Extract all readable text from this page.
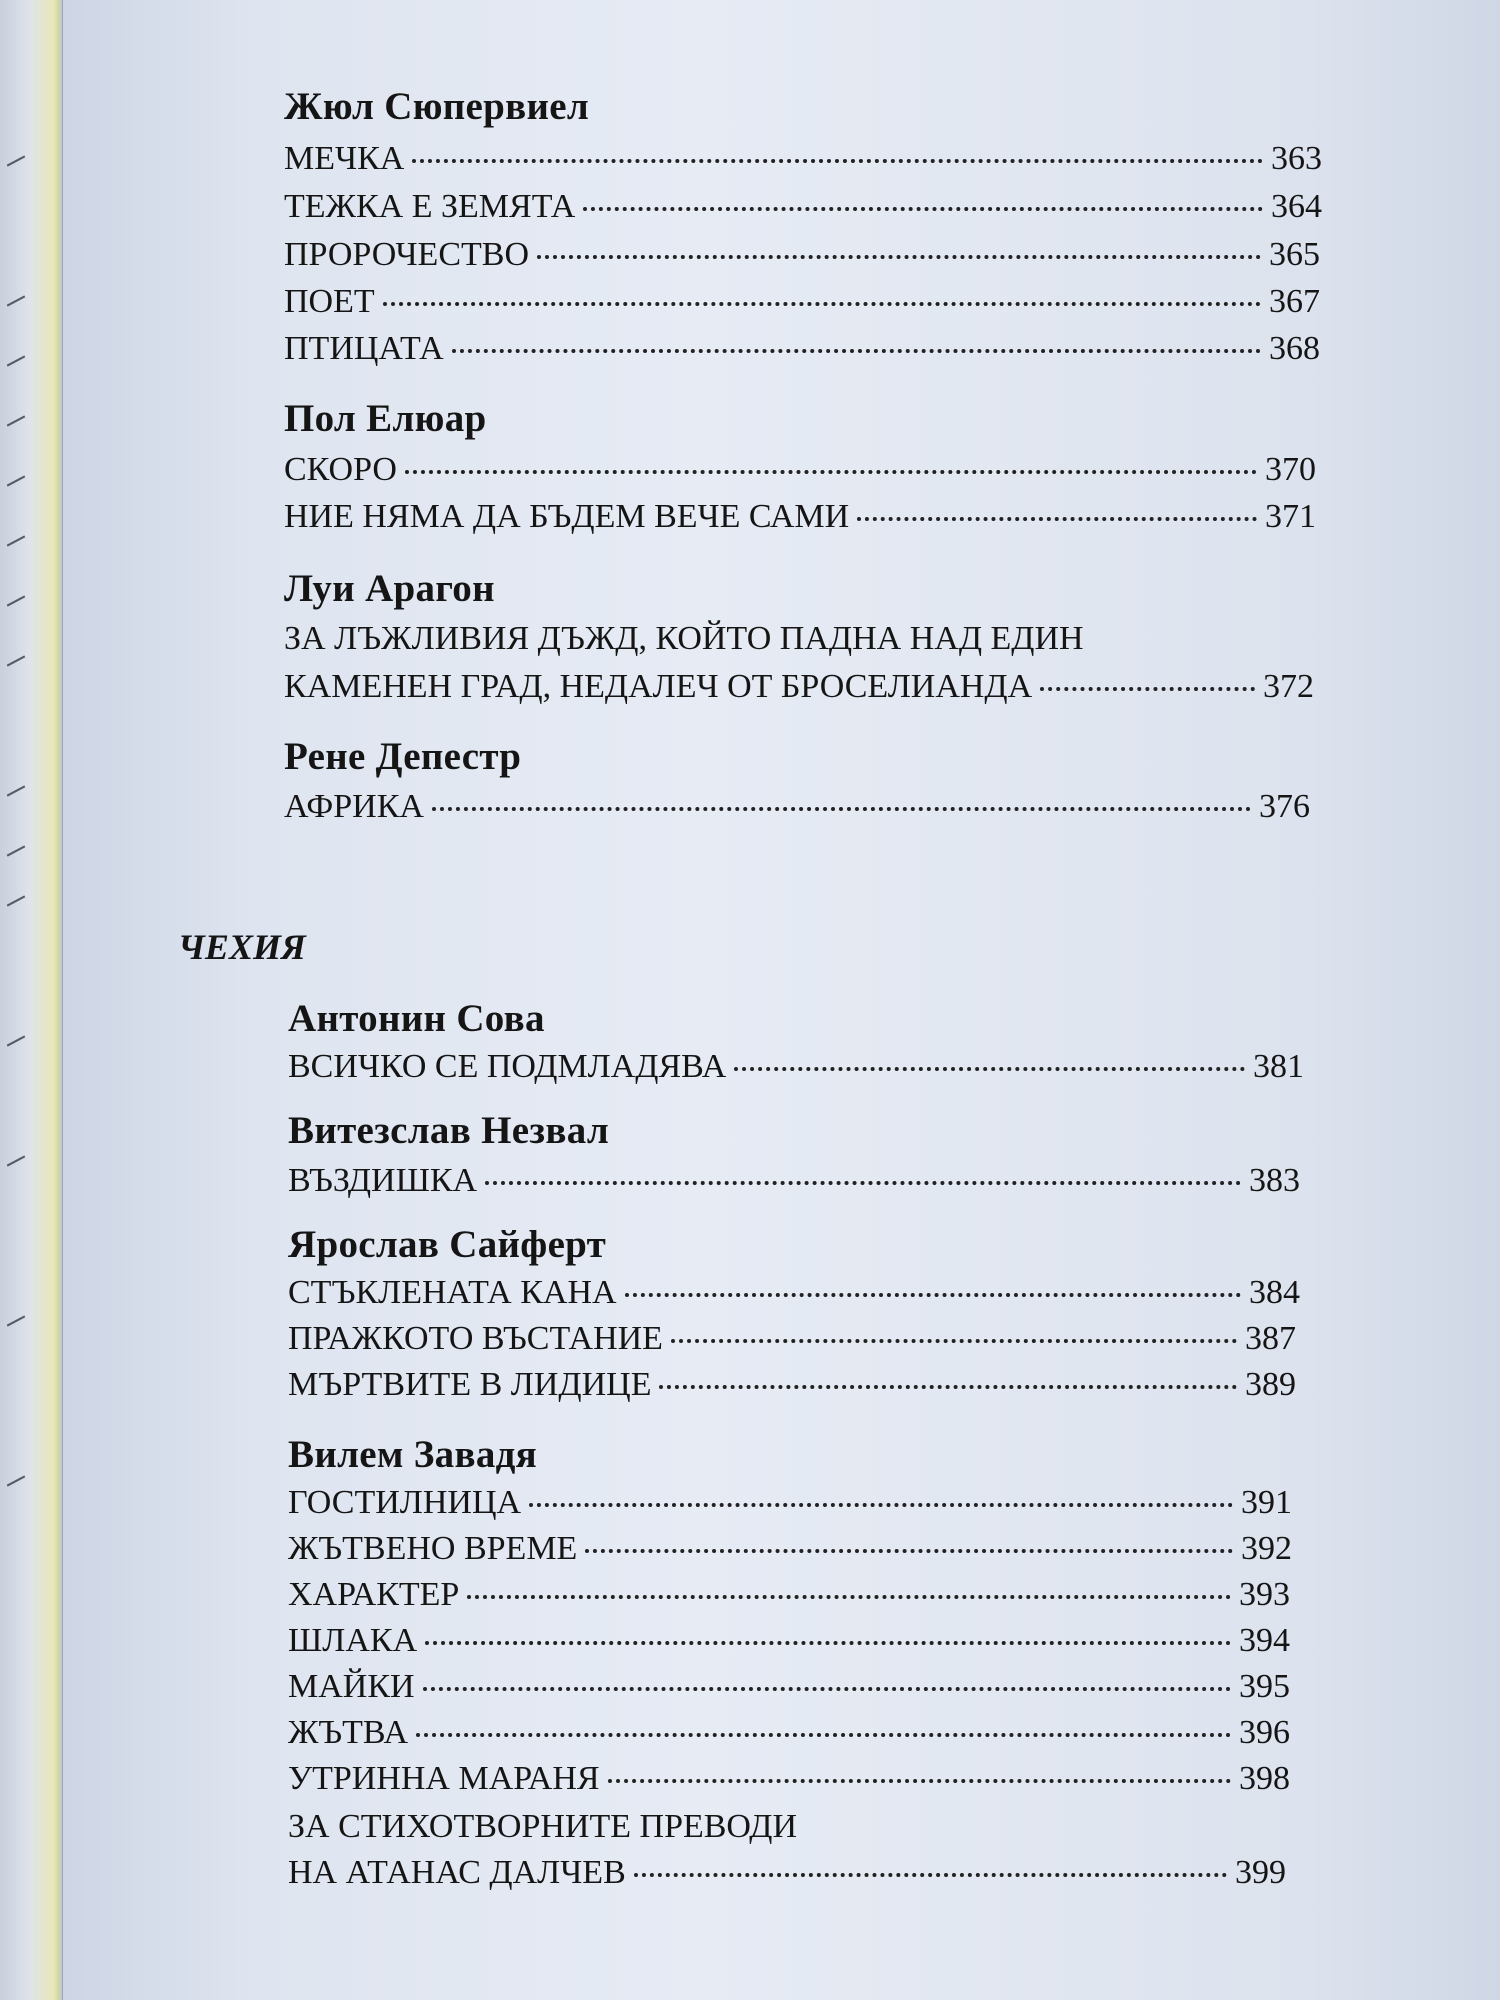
Жюл Сюпервиел
МЕЧКА	363
ТЕЖКА Е ЗЕМЯТА	364
ПРОРОЧЕСТВО	365
ПОЕТ	367
ПТИЦАТА	368
Пол Елюар
СКОРО	370
НИЕ НЯМА ДА БЪДЕМ ВЕЧЕ САМИ	371
Луи Арагон
ЗА ЛЪЖЛИВИЯ ДЪЖД, КОЙТО ПАДНА НАД ЕДИН
КАМЕНЕН ГРАД, НЕДАЛЕЧ ОТ БРОСЕЛИАНДА	372
Рене Депестр
АФРИКА	376
ЧЕХИЯ
Антонин Сова
ВСИЧКО СЕ ПОДМЛАДЯВА	381
Витезслав Незвал
ВЪЗДИШКА	383
Ярослав Сайферт
СТЪКЛЕНАТА КАНА	384
ПРАЖКОТО ВЪСТАНИЕ	387
МЪРТВИТЕ В ЛИДИЦЕ	389
Вилем Завадя
ГОСТИЛНИЦА	391
ЖЪТВЕНО ВРЕМЕ	392
ХАРАКТЕР	393
ШЛАКА	394
МАЙКИ	395
ЖЪТВА	396
УТРИННА МАРАНЯ	398
ЗА СТИХОТВОРНИТЕ ПРЕВОДИ
НА АТАНАС ДАЛЧЕВ	399
